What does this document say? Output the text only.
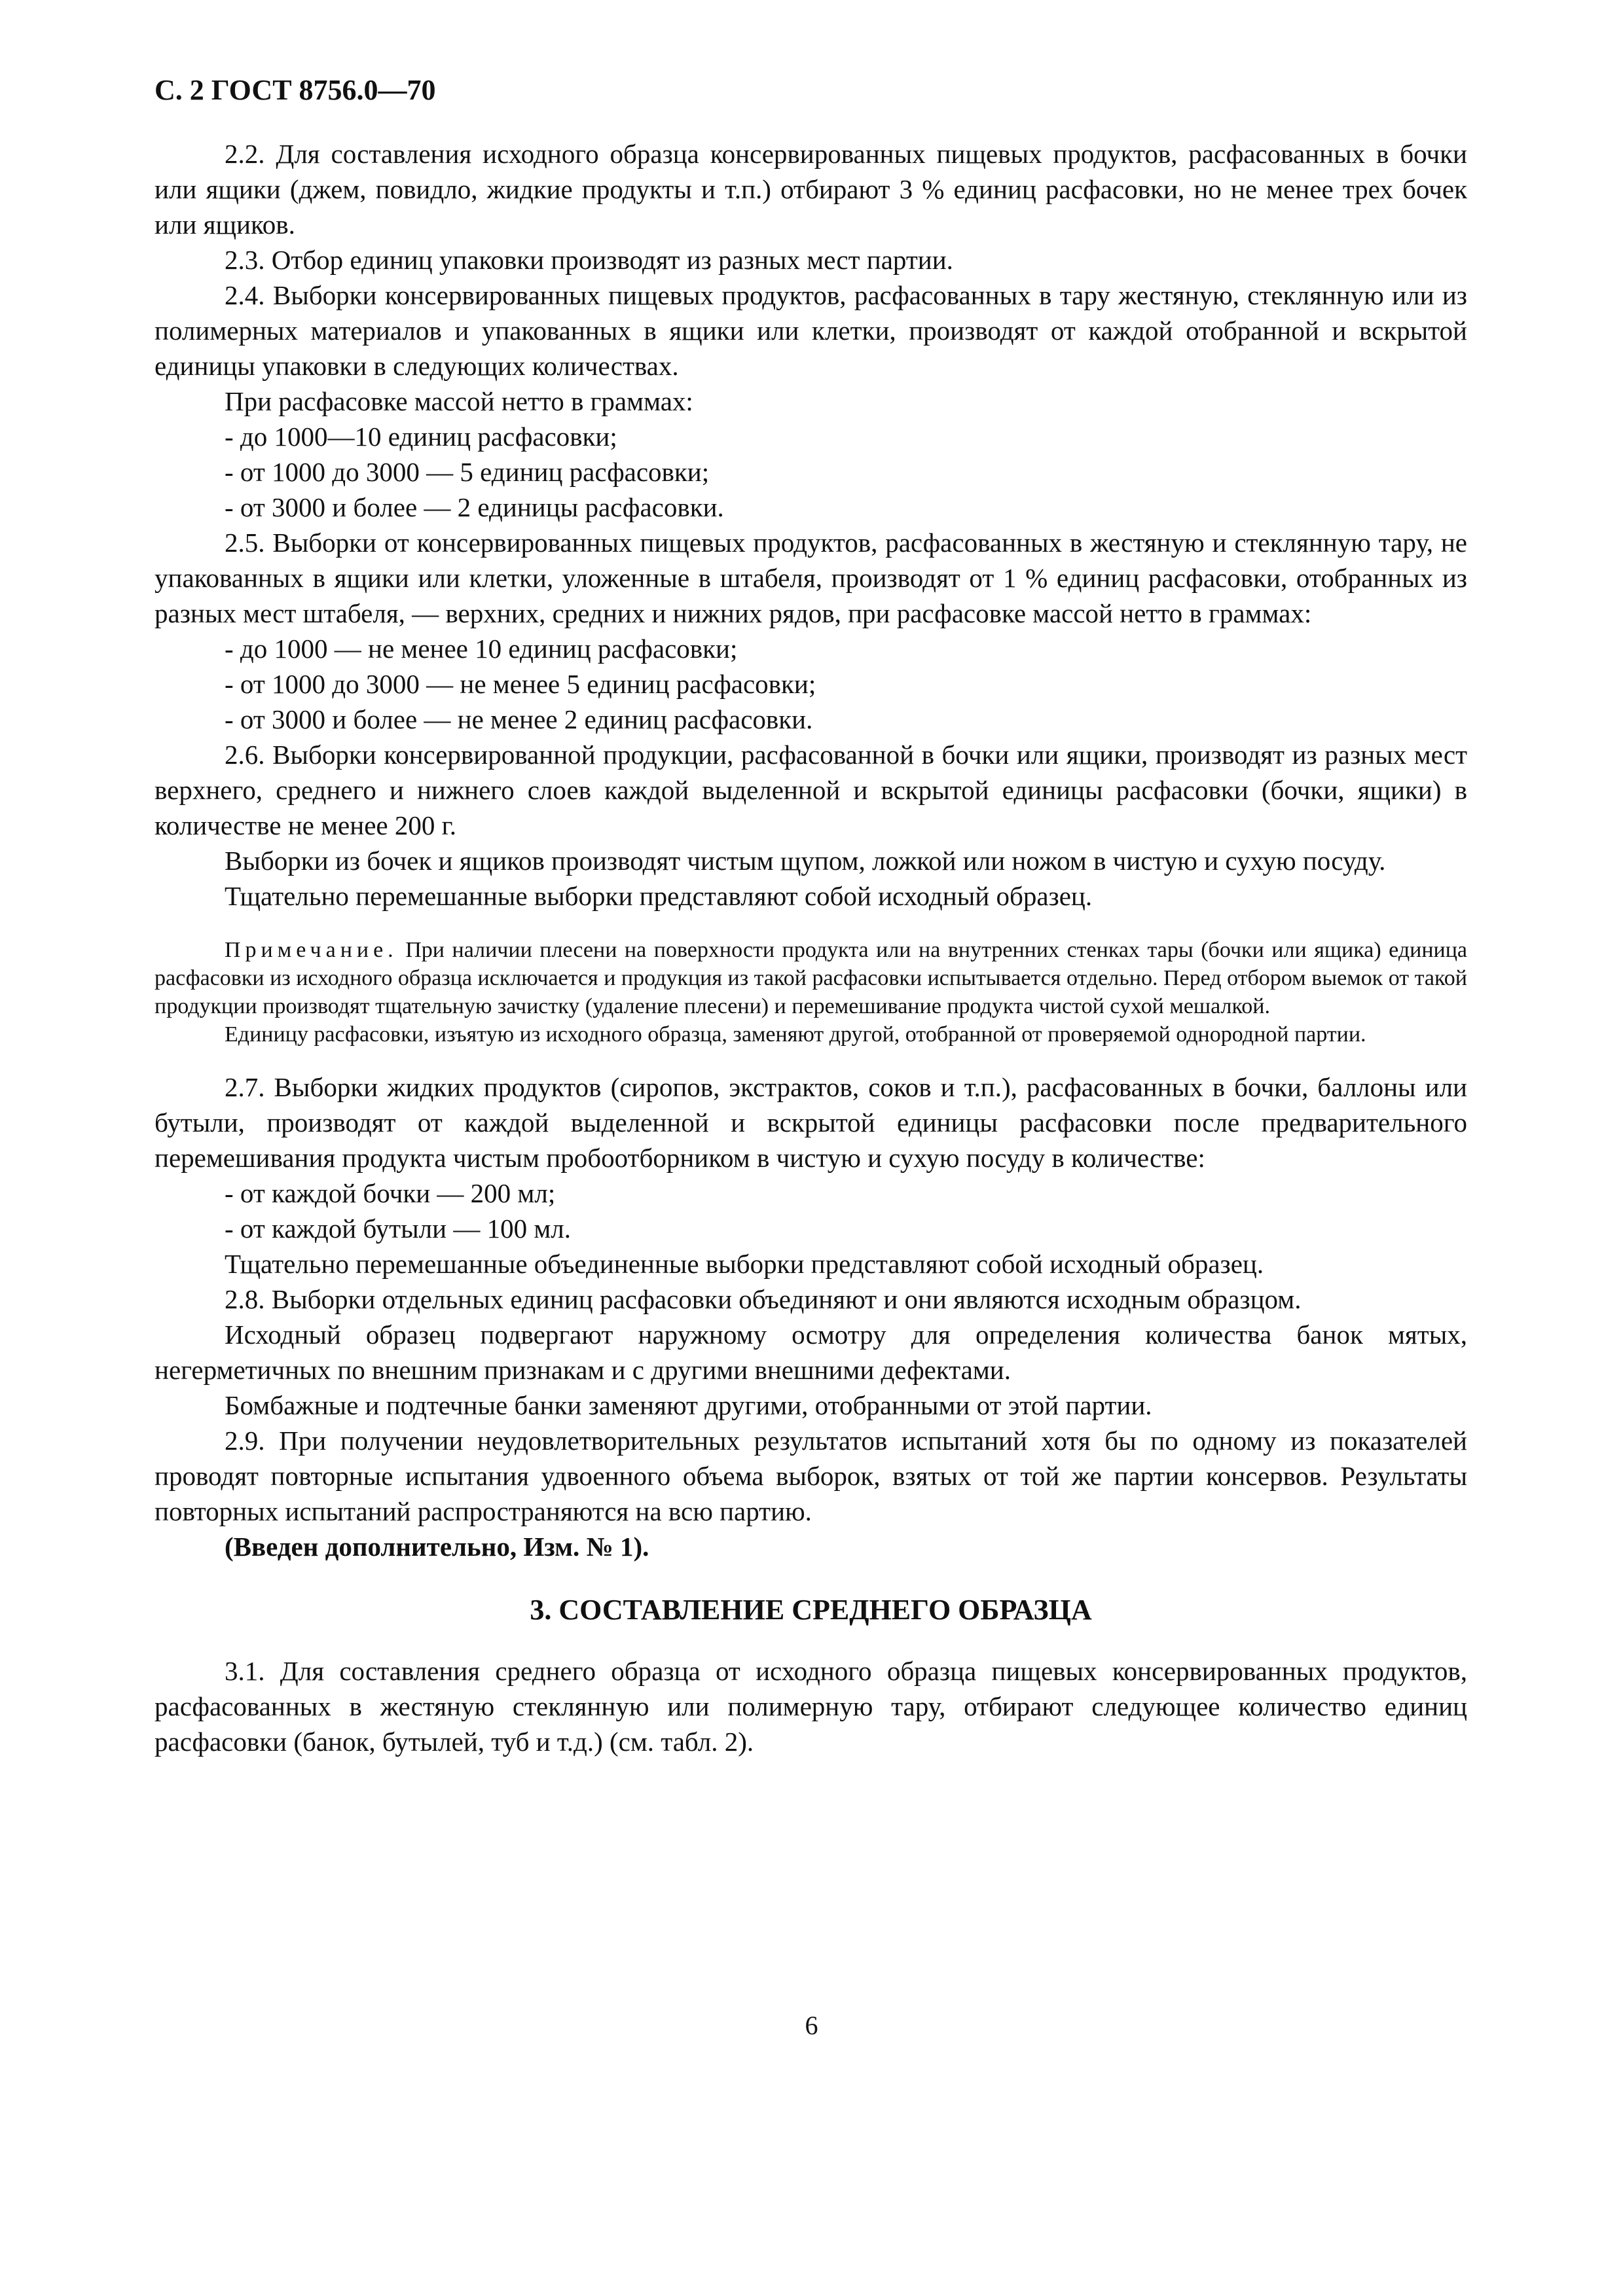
С. 2 ГОСТ 8756.0—70

2.2. Для составления исходного образца консервированных пищевых продуктов, расфасованных в бочки или ящики (джем, повидло, жидкие продукты и т.п.) отбирают 3 % единиц расфасовки, но не менее трех бочек или ящиков.

2.3. Отбор единиц упаковки производят из разных мест партии.

2.4. Выборки консервированных пищевых продуктов, расфасованных в тару жестяную, стеклянную или из полимерных материалов и упакованных в ящики или клетки, производят от каждой отобранной и вскрытой единицы упаковки в следующих количествах.

При расфасовке массой нетто в граммах:

- до 1000—10 единиц расфасовки;

- от 1000 до 3000 — 5 единиц расфасовки;

- от 3000 и более — 2 единицы расфасовки.

2.5. Выборки от консервированных пищевых продуктов, расфасованных в жестяную и стеклянную тару, не упакованных в ящики или клетки, уложенные в штабеля, производят от 1 % единиц расфасовки, отобранных из разных мест штабеля, — верхних, средних и нижних рядов, при расфасовке массой нетто в граммах:

- до 1000 — не менее 10 единиц расфасовки;

- от 1000 до 3000 — не менее 5 единиц расфасовки;

- от 3000 и более — не менее 2 единиц расфасовки.

2.6. Выборки консервированной продукции, расфасованной в бочки или ящики, производят из разных мест верхнего, среднего и нижнего слоев каждой выделенной и вскрытой единицы расфасовки (бочки, ящики) в количестве не менее 200 г.

Выборки из бочек и ящиков производят чистым щупом, ложкой или ножом в чистую и сухую посуду.

Тщательно перемешанные выборки представляют собой исходный образец.

Примечание. При наличии плесени на поверхности продукта или на внутренних стенках тары (бочки или ящика) единица расфасовки из исходного образца исключается и продукция из такой расфасовки испытывается отдельно. Перед отбором выемок от такой продукции производят тщательную зачистку (удаление плесени) и перемешивание продукта чистой сухой мешалкой.

Единицу расфасовки, изъятую из исходного образца, заменяют другой, отобранной от проверяемой однородной партии.

2.7. Выборки жидких продуктов (сиропов, экстрактов, соков и т.п.), расфасованных в бочки, баллоны или бутыли, производят от каждой выделенной и вскрытой единицы расфасовки после предварительного перемешивания продукта чистым пробоотборником в чистую и сухую посуду в количестве:

- от каждой бочки — 200 мл;

- от каждой бутыли — 100 мл.

Тщательно перемешанные объединенные выборки представляют собой исходный образец.

2.8. Выборки отдельных единиц расфасовки объединяют и они являются исходным образцом.

Исходный образец подвергают наружному осмотру для определения количества банок мятых, негерметичных по внешним признакам и с другими внешними дефектами.

Бомбажные и подтечные банки заменяют другими, отобранными от этой партии.

2.9. При получении неудовлетворительных результатов испытаний хотя бы по одному из показателей проводят повторные испытания удвоенного объема выборок, взятых от той же партии консервов. Результаты повторных испытаний распространяются на всю партию.

(Введен дополнительно, Изм. № 1).

3. СОСТАВЛЕНИЕ СРЕДНЕГО ОБРАЗЦА

3.1. Для составления среднего образца от исходного образца пищевых консервированных продуктов, расфасованных в жестяную стеклянную или полимерную тару, отбирают следующее количество единиц расфасовки (банок, бутылей, туб и т.д.) (см. табл. 2).

6
